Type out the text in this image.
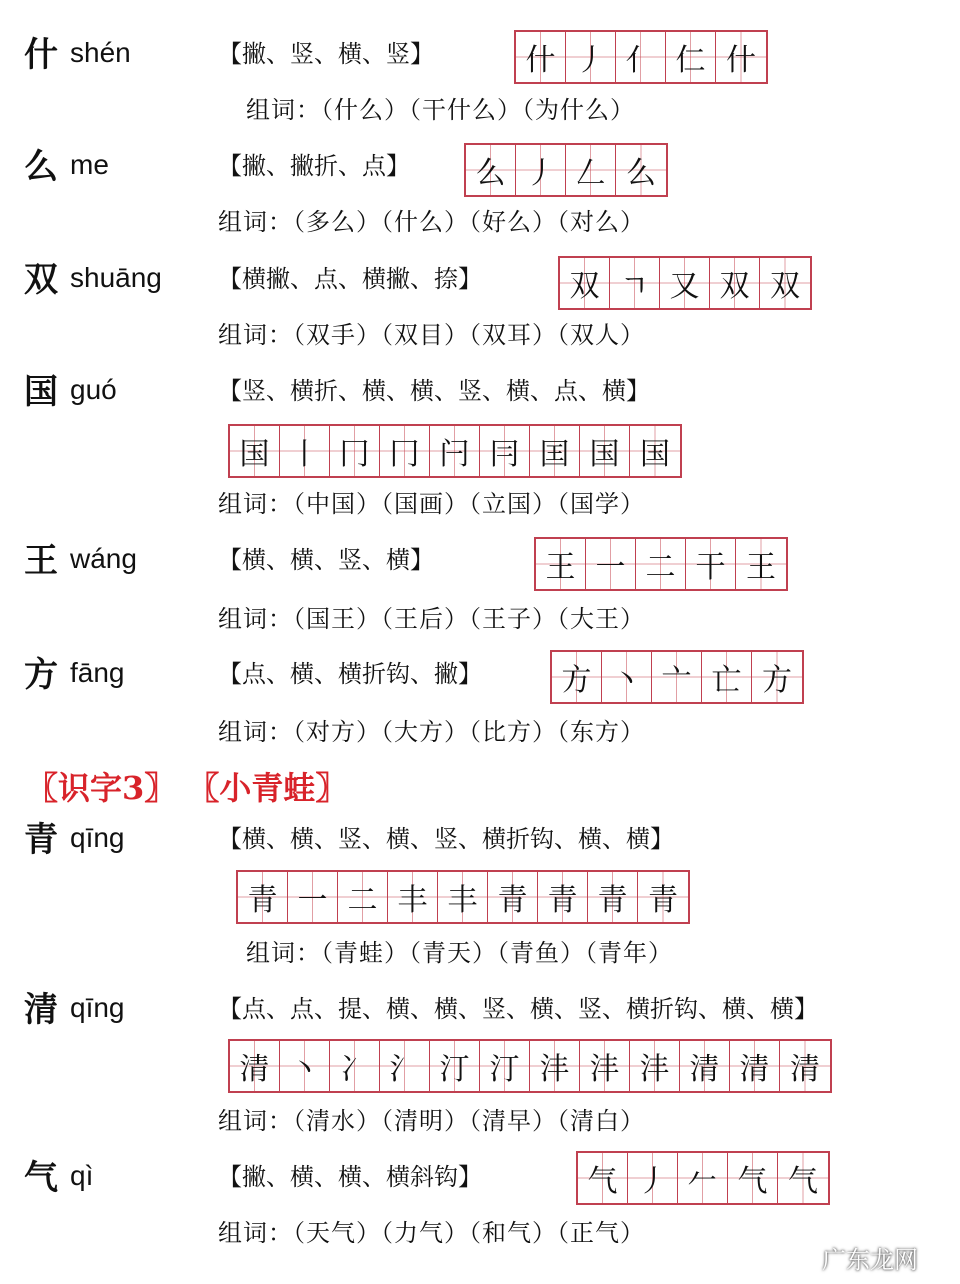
什 shén	【撇、竖、横、竖】	什 丿 亻 仁 什
组词：（什么）（干什么）（为什么）
么 me	【撇、撇折、点】	么 丿 𠃋 么
组词：（多么）（什么）（好么）（对么）
双 shuāng 【横撇、点、横撇、捺】	双 ㄱ 又 双 双
组词：（双手）（双目）（双耳）（双人）
国 guó	【竖、横折、横、横、竖、横、点、横】
国 丨 冂 冂 闩 冃 囯 国 国
组词：（中国）（国画）（立国）（国学）
王 wáng	【横、横、竖、横】	王 一 二 干 王
组词：（国王）（王后）（王子）（大王）
方 fāng	【点、横、横折钩、撇】	方 丶 亠 亡 方
组词：（对方）（大方）（比方）（东方）
〖识字3〗 〖小青蛙〗
青 qīng	【横、横、竖、横、竖、横折钩、横、横】
青 一 二 丰 丰 青 青 青 青
组词：（青蛙）（青天）（青鱼）（青年）
清 qīng	【点、点、提、横、横、竖、横、竖、横折钩、横、横】
清 丶 冫 氵 汀 汀 沣 沣 沣 清 清 清
组词：（清水）（清明）（清早）（清白）
气 qì	【撇、横、横、横斜钩】	气 丿 𠂉 气 气
组词：（天气）（力气）（和气）（正气）
广东龙网
